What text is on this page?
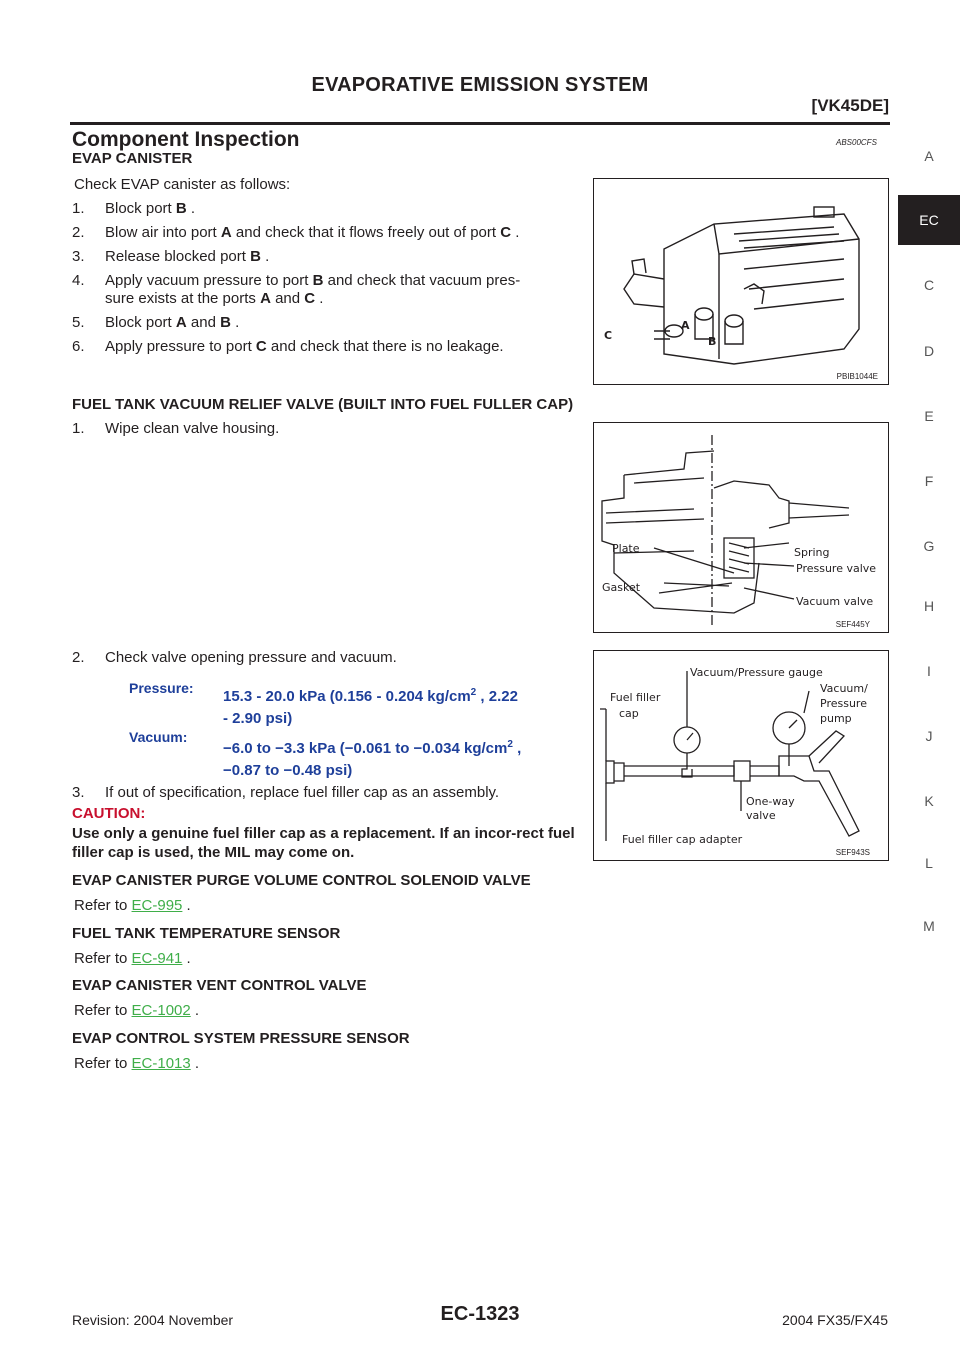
EVAPORATIVE EMISSION SYSTEM
[VK45DE]
Component Inspection	ABS00CFS
A
EC
C
D
E
F
G
H
I
J
K
L
M
EVAP CANISTER
Check EVAP canister as follows:
1. Block port B .
2. Blow air into port A and check that it flows freely out of port C .
3. Release blocked port B .
4. Apply vacuum pressure to port B and check that vacuum pres-
sure exists at the ports A and C .
5. Block port A and B .
6. Apply pressure to port C and check that there is no leakage.
C
A
B
PBIB1044E
FUEL TANK VACUUM RELIEF VALVE (BUILT INTO FUEL FULLER CAP)
1. Wipe clean valve housing.
Plate
Gasket
Spring
Pressure valve
Vacuum valve
SEF445Y
2. Check valve opening pressure and vacuum.
Pressure: 15.3 - 20.0 kPa (0.156 - 0.204 $kg/cm^2$ , 2.22
- 2.90 psi)
Vacuum:
−6.0 to −3.3 kPa (−0.061 to −0.034 $kg/cm^2$ ,
−0.87 to −0.48 psi)
3. If out of specification, replace fuel filler cap as an assembly.
CAUTION:
Use only a genuine fuel filler cap as a replacement. If an incor-rect fuel filler cap is used, the MIL may come on.
Vacuum/Pressure gauge
Fuel filler
cap
Vacuum/
Pressure
pump
One-way
valve
Fuel filler cap adapter
SEF943S
EVAP CANISTER PURGE VOLUME CONTROL SOLENOID VALVE
Refer to EC-995 .
FUEL TANK TEMPERATURE SENSOR
Refer to EC-941 .
EVAP CANISTER VENT CONTROL VALVE
Refer to EC-1002 .
EVAP CONTROL SYSTEM PRESSURE SENSOR
Refer to EC-1013 .
Revision: 2004 November	EC-1323	2004 FX35/FX45
